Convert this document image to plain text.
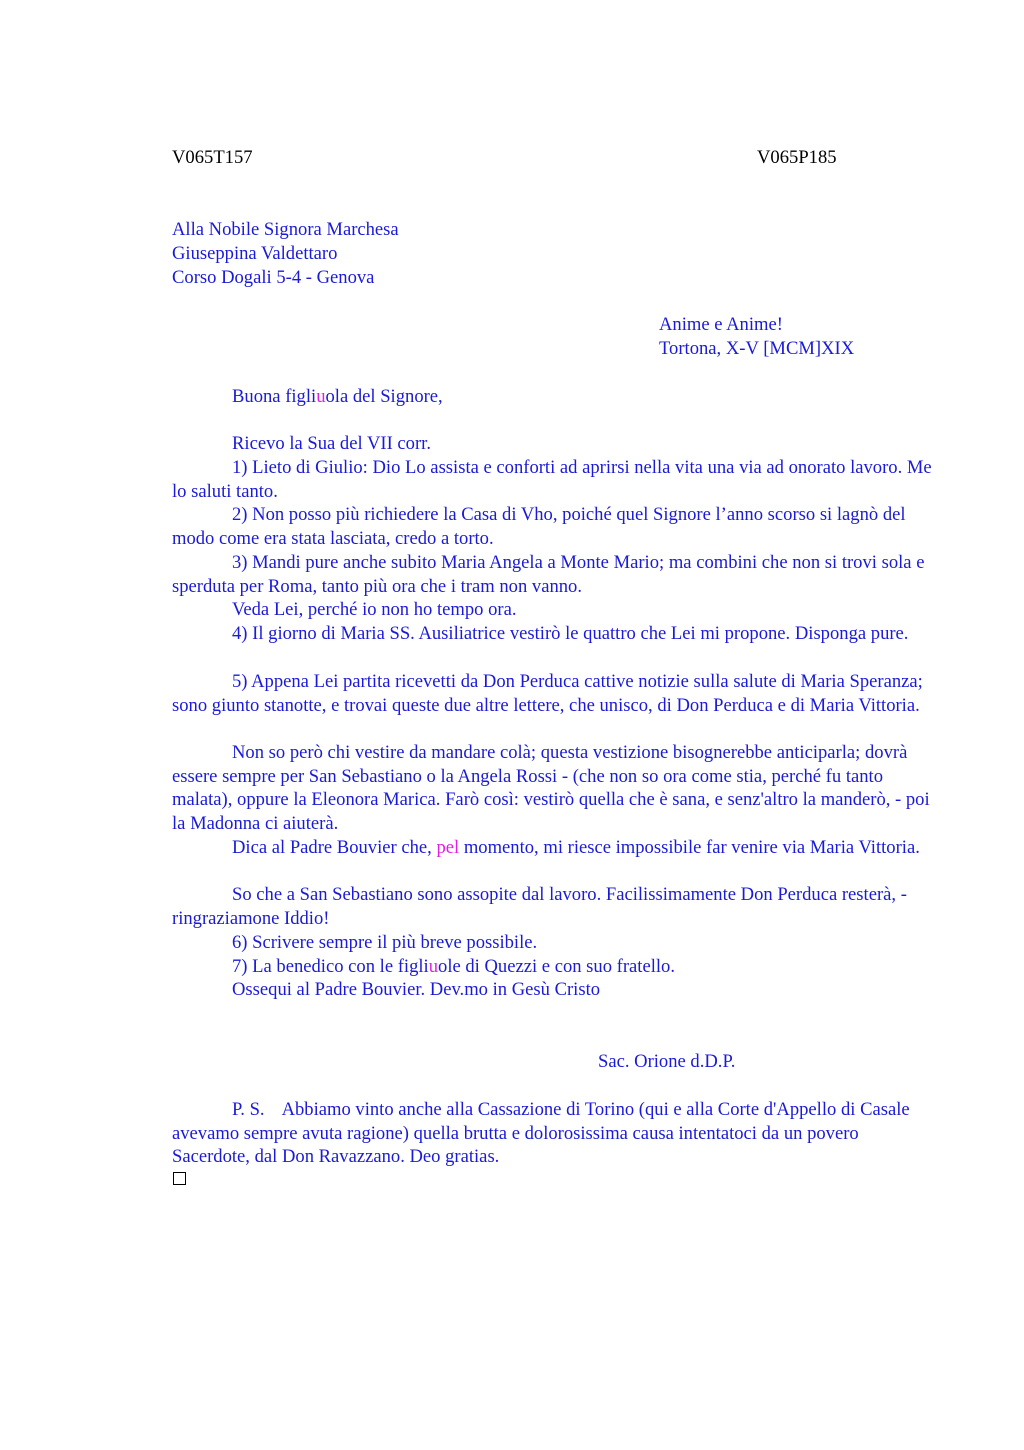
V065T157	V065P185
Alla Nobile Signora Marchesa
Giuseppina Valdettaro
Corso Dogali 5-4 - Genova
Anime e Anime!
Tortona, X-V [MCM]XIX
Buona figliuola del Signore,

Ricevo la Sua del VII corr.

1) Lieto di Giulio: Dio Lo assista e conforti ad aprirsi nella vita una via ad onorato lavoro. Me lo saluti tanto.

2) Non posso più richiedere la Casa di Vho, poiché quel Signore l’anno scorso si lagnò del modo come era stata lasciata, credo a torto.

3) Mandi pure anche subito Maria Angela a Monte Mario; ma combini che non si trovi sola e sperduta per Roma, tanto più ora che i tram non vanno.

Veda Lei, perché io non ho tempo ora.

4) Il giorno di Maria SS. Ausiliatrice vestirò le quattro che Lei mi propone. Disponga pure.

5) Appena Lei partita ricevetti da Don Perduca cattive notizie sulla salute di Maria Speranza; sono giunto stanotte, e trovai queste due altre lettere, che unisco, di Don Perduca e di Maria Vittoria.

Non so però chi vestire da mandare colà; questa vestizione bisognerebbe anticiparla; dovrà essere sempre per San Sebastiano o la Angela Rossi - (che non so ora come stia, perché fu tanto malata), oppure la Eleonora Marica. Farò così: vestirò quella che è sana, e senz'altro la manderò, - poi la Madonna ci aiuterà.

Dica al Padre Bouvier che, pel momento, mi riesce impossibile far venire via Maria Vittoria.

So che a San Sebastiano sono assopite dal lavoro. Facilissimamente Don Perduca resterà, - ringraziamone Iddio!

6) Scrivere sempre il più breve possibile.

7) La benedico con le figliuole di Quezzi e con suo fratello.

Ossequi al Padre Bouvier. Dev.mo in Gesù Cristo

Sac. Orione d.D.P.

P. S. Abbiamo vinto anche alla Cassazione di Torino (qui e alla Corte d'Appello di Casale avevamo sempre avuta ragione) quella brutta e dolorosissima causa intentatoci da un povero Sacerdote, dal Don Ravazzano. Deo gratias.
